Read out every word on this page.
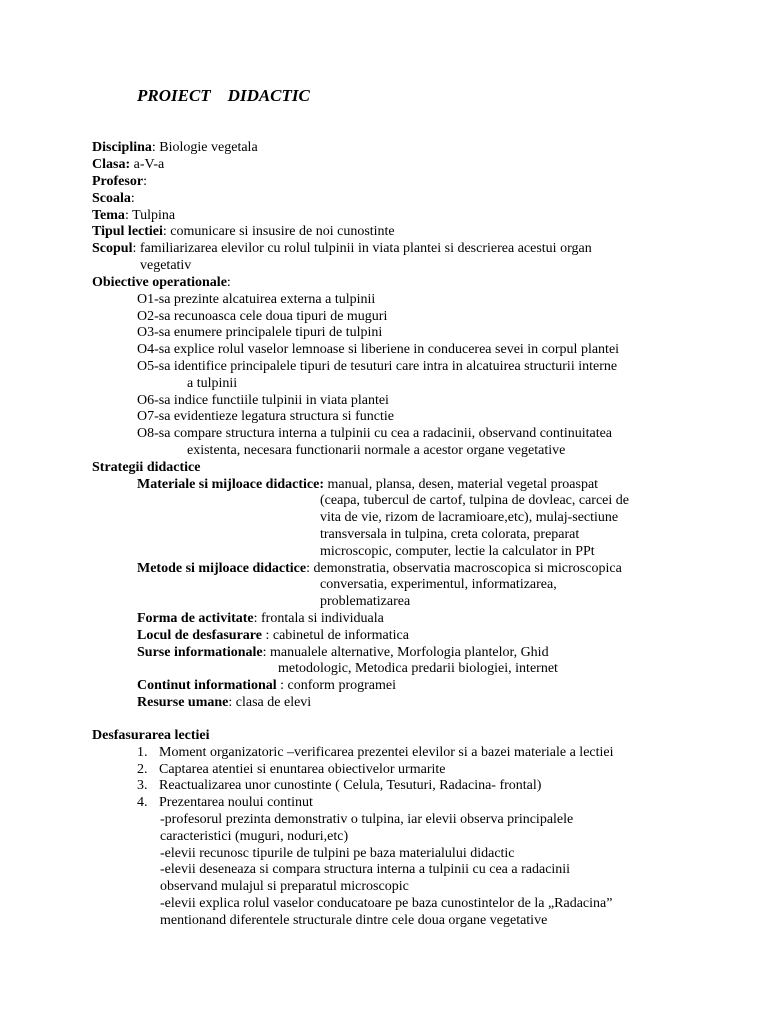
PROIECT    DIDACTIC
Disciplina: Biologie vegetala
Clasa: a-V-a
Profesor:
Scoala:
Tema: Tulpina
Tipul lectiei: comunicare si insusire de noi cunostinte
Scopul: familiarizarea elevilor cu rolul tulpinii in viata plantei si descrierea acestui organ
vegetativ
Obiective operationale:
O1-sa prezinte alcatuirea externa a tulpinii
O2-sa recunoasca cele doua tipuri de muguri
O3-sa enumere principalele tipuri de tulpini
O4-sa explice rolul vaselor lemnoase si liberiene in conducerea sevei in corpul plantei
O5-sa identifice principalele tipuri de tesuturi care intra in alcatuirea structurii interne
a tulpinii
O6-sa indice functiile tulpinii in viata plantei
O7-sa evidentieze legatura structura si functie
O8-sa compare structura interna a tulpinii cu cea a radacinii, observand continuitatea
existenta, necesara functionarii normale a acestor organe vegetative
Strategii didactice
Materiale si mijloace didactice: manual, plansa, desen, material vegetal proaspat
(ceapa, tubercul de cartof, tulpina de dovleac, carcei de
vita de vie, rizom de lacramioare,etc), mulaj-sectiune
transversala in tulpina, creta colorata, preparat
microscopic, computer, lectie la calculator in PPt
Metode si mijloace didactice: demonstratia, observatia macroscopica si microscopica
conversatia, experimentul, informatizarea,
problematizarea
Forma de activitate: frontala si individuala
Locul de desfasurare : cabinetul de informatica
Surse informationale: manualele alternative, Morfologia plantelor, Ghid
metodologic, Metodica predarii biologiei, internet
Continut informational : conform programei
Resurse umane: clasa de elevi
Desfasurarea lectiei
1. Moment organizatoric –verificarea prezentei elevilor si a bazei materiale a lectiei
2. Captarea atentiei si enuntarea obiectivelor urmarite
3. Reactualizarea unor cunostinte ( Celula, Tesuturi, Radacina- frontal)
4. Prezentarea noului continut
-profesorul prezinta demonstrativ o tulpina, iar elevii observa principalele
caracteristici (muguri, noduri,etc)
-elevii recunosc tipurile de tulpini pe baza materialului didactic
-elevii deseneaza si compara structura interna a tulpinii cu cea a radacinii
observand mulajul si preparatul microscopic
-elevii explica rolul vaselor conducatoare pe baza cunostintelor de la „Radacina”
mentionand diferentele structurale dintre cele doua organe vegetative
